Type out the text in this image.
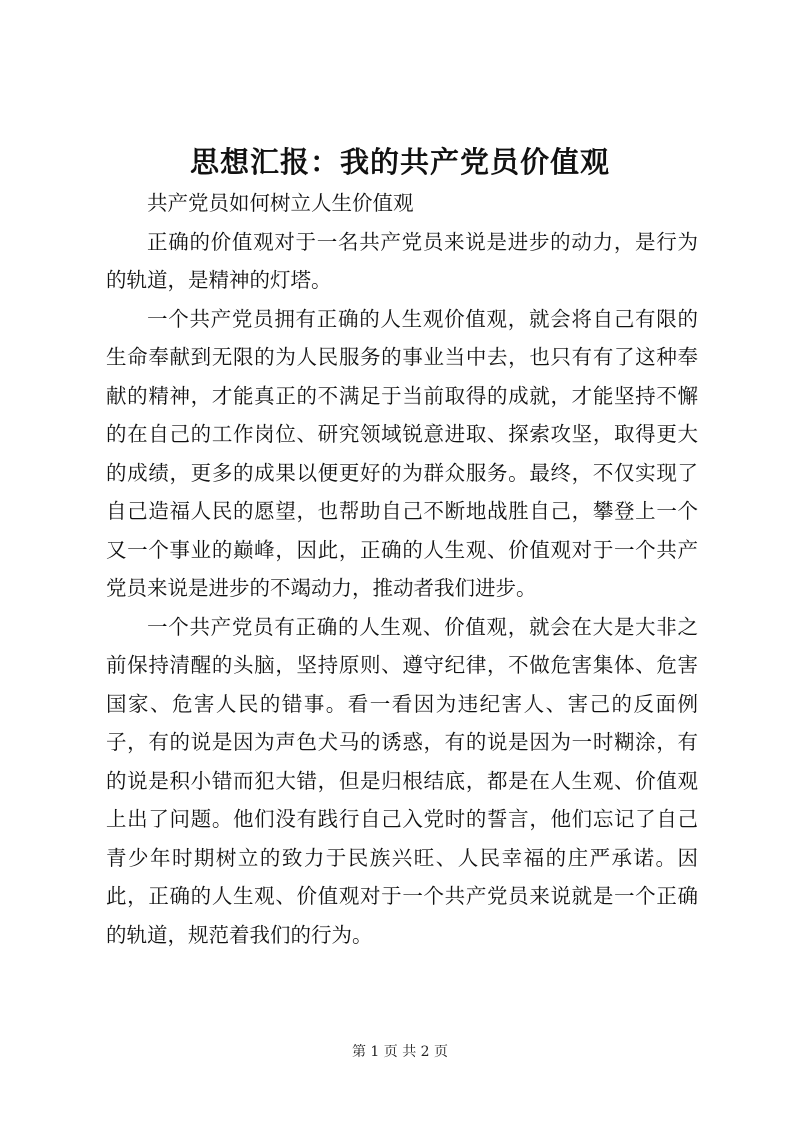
思想汇报：我的共产党员价值观

共产党员如何树立人生价值观

正确的价值观对于一名共产党员来说是进步的动力，是行为的轨道，是精神的灯塔。

一个共产党员拥有正确的人生观价值观，就会将自己有限的生命奉献到无限的为人民服务的事业当中去，也只有有了这种奉献的精神，才能真正的不满足于当前取得的成就，才能坚持不懈的在自己的工作岗位、研究领域锐意进取、探索攻坚，取得更大的成绩，更多的成果以便更好的为群众服务。最终，不仅实现了自己造福人民的愿望，也帮助自己不断地战胜自己，攀登上一个又一个事业的巅峰，因此，正确的人生观、价值观对于一个共产党员来说是进步的不竭动力，推动者我们进步。

一个共产党员有正确的人生观、价值观，就会在大是大非之前保持清醒的头脑，坚持原则、遵守纪律，不做危害集体、危害国家、危害人民的错事。看一看因为违纪害人、害己的反面例子，有的说是因为声色犬马的诱惑，有的说是因为一时糊涂，有的说是积小错而犯大错，但是归根结底，都是在人生观、价值观上出了问题。他们没有践行自己入党时的誓言，他们忘记了自己青少年时期树立的致力于民族兴旺、人民幸福的庄严承诺。因此，正确的人生观、价值观对于一个共产党员来说就是一个正确的轨道，规范着我们的行为。

第 1 页 共 2 页
